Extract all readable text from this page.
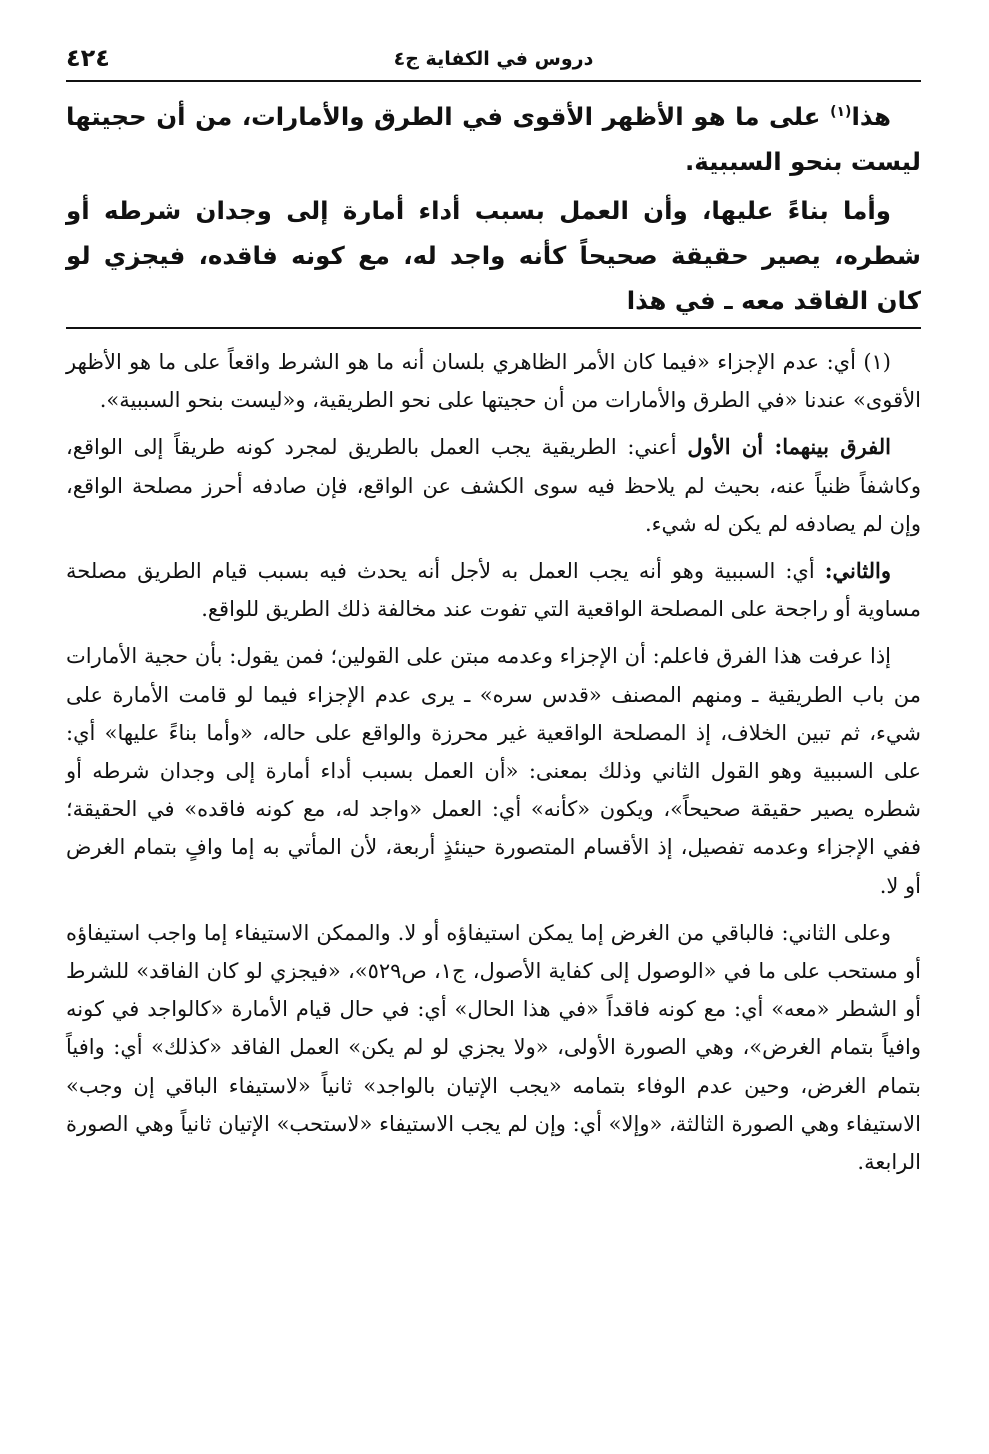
دروس في الكفاية ج٤
٤٢٤

هذا$^{(١)}$ على ما هو الأظهر الأقوى في الطرق والأمارات، من أن حجيتها ليست بنحو السببية.

وأما بناءً عليها، وأن العمل بسبب أداء أمارة إلى وجدان شرطه أو شطره، يصير حقيقة صحيحاً كأنه واجد له، مع كونه فاقده، فيجزي لو كان الفاقد معه ـ في هذا

(١) أي: عدم الإجزاء «فيما كان الأمر الظاهري بلسان أنه ما هو الشرط واقعاً على ما هو الأظهر الأقوى» عندنا «في الطرق والأمارات من أن حجيتها على نحو الطريقية، و«ليست بنحو السببية».

الفرق بينهما: أن الأول أعني: الطريقية يجب العمل بالطريق لمجرد كونه طريقاً إلى الواقع، وكاشفاً ظنياً عنه، بحيث لم يلاحظ فيه سوى الكشف عن الواقع، فإن صادفه أحرز مصلحة الواقع، وإن لم يصادفه لم يكن له شيء.

والثاني: أي: السببية وهو أنه يجب العمل به لأجل أنه يحدث فيه بسبب قيام الطريق مصلحة مساوية أو راجحة على المصلحة الواقعية التي تفوت عند مخالفة ذلك الطريق للواقع.

إذا عرفت هذا الفرق فاعلم: أن الإجزاء وعدمه مبتن على القولين؛ فمن يقول: بأن حجية الأمارات من باب الطريقية ـ ومنهم المصنف «قدس سره» ـ يرى عدم الإجزاء فيما لو قامت الأمارة على شيء، ثم تبين الخلاف، إذ المصلحة الواقعية غير محرزة والواقع على حاله، «وأما بناءً عليها» أي: على السببية وهو القول الثاني وذلك بمعنى: «أن العمل بسبب أداء أمارة إلى وجدان شرطه أو شطره يصير حقيقة صحيحاً»، ويكون «كأنه» أي: العمل «واجد له، مع كونه فاقده» في الحقيقة؛ ففي الإجزاء وعدمه تفصيل، إذ الأقسام المتصورة حينئذٍ أربعة، لأن المأتي به إما وافٍ بتمام الغرض أو لا.

وعلى الثاني: فالباقي من الغرض إما يمكن استيفاؤه أو لا. والممكن الاستيفاء إما واجب استيفاؤه أو مستحب على ما في «الوصول إلى كفاية الأصول، ج١، ص٥٢٩»، «فيجزي لو كان الفاقد» للشرط أو الشطر «معه» أي: مع كونه فاقداً «في هذا الحال» أي: في حال قيام الأمارة «كالواجد في كونه وافياً بتمام الغرض»، وهي الصورة الأولى، «ولا يجزي لو لم يكن» العمل الفاقد «كذلك» أي: وافياً بتمام الغرض، وحين عدم الوفاء بتمامه «يجب الإتيان بالواجد» ثانياً «لاستيفاء الباقي إن وجب» الاستيفاء وهي الصورة الثالثة، «وإلا» أي: وإن لم يجب الاستيفاء «لاستحب» الإتيان ثانياً وهي الصورة الرابعة.
